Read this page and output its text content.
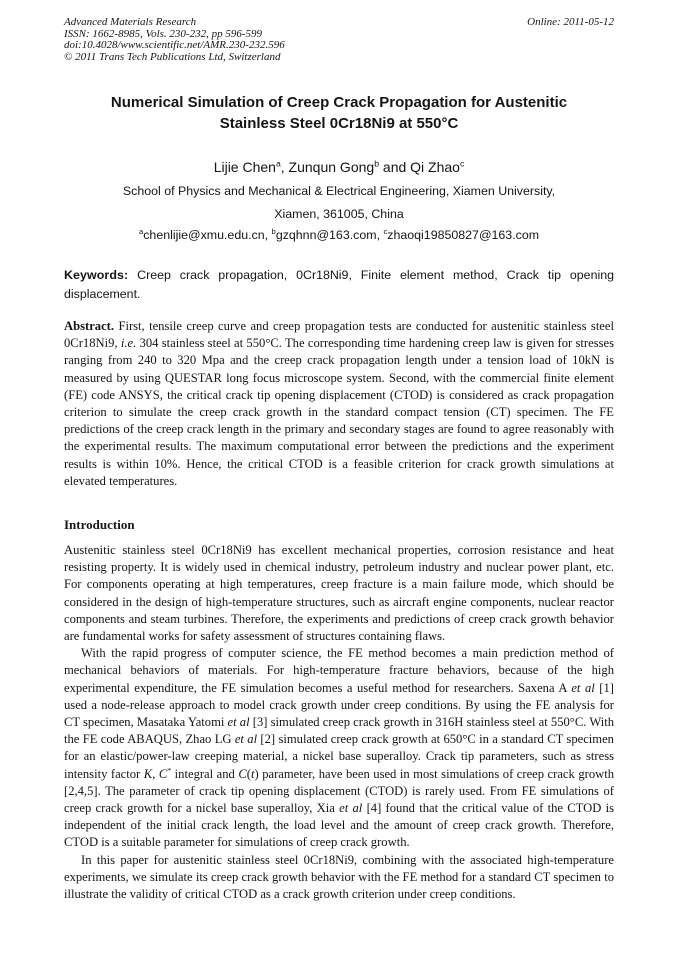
Advanced Materials Research	Online: 2011-05-12
ISSN: 1662-8985, Vols. 230-232, pp 596-599
doi:10.4028/www.scientific.net/AMR.230-232.596
© 2011 Trans Tech Publications Ltd, Switzerland
Numerical Simulation of Creep Crack Propagation for Austenitic
Stainless Steel 0Cr18Ni9 at 550°C
Lijie Chen$^a$, Zunqun Gong$^b$ and Qi Zhao$^c$
School of Physics and Mechanical & Electrical Engineering, Xiamen University,
Xiamen, 361005, China
$^a$chenlijie@xmu.edu.cn, $^b$gzqhnn@163.com, $^c$zhaoqi19850827@163.com

Keywords: Creep crack propagation, 0Cr18Ni9, Finite element method, Crack tip opening displacement.

Abstract. First, tensile creep curve and creep propagation tests are conducted for austenitic stainless steel 0Cr18Ni9, i.e. 304 stainless steel at 550°C. The corresponding time hardening creep law is given for stresses ranging from 240 to 320 Mpa and the creep crack propagation length under a tension load of 10kN is measured by using QUESTAR long focus microscope system. Second, with the commercial finite element (FE) code ANSYS, the critical crack tip opening displacement (CTOD) is considered as crack propagation criterion to simulate the creep crack growth in the standard compact tension (CT) specimen. The FE predictions of the creep crack length in the primary and secondary stages are found to agree reasonably with the experimental results. The maximum computational error between the predictions and the experiment results is within 10%. Hence, the critical CTOD is a feasible criterion for crack growth simulations at elevated temperatures.

Introduction

Austenitic stainless steel 0Cr18Ni9 has excellent mechanical properties, corrosion resistance and heat resisting property. It is widely used in chemical industry, petroleum industry and nuclear power plant, etc. For components operating at high temperatures, creep fracture is a main failure mode, which should be considered in the design of high-temperature structures, such as aircraft engine components, nuclear reactor components and steam turbines. Therefore, the experiments and predictions of creep crack growth behavior are fundamental works for safety assessment of structures containing flaws.

With the rapid progress of computer science, the FE method becomes a main prediction method of mechanical behaviors of materials. For high-temperature fracture behaviors, because of the high experimental expenditure, the FE simulation becomes a useful method for researchers. Saxena A et al [1] used a node-release approach to model crack growth under creep conditions. By using the FE analysis for CT specimen, Masataka Yatomi et al [3] simulated creep crack growth in 316H stainless steel at 550°C. With the FE code ABAQUS, Zhao LG et al [2] simulated creep crack growth at 650°C in a standard CT specimen for an elastic/power-law creeping material, a nickel base superalloy. Crack tip parameters, such as stress intensity factor K, C* integral and C(t) parameter, have been used in most simulations of creep crack growth [2,4,5]. The parameter of crack tip opening displacement (CTOD) is rarely used. From FE simulations of creep crack growth for a nickel base superalloy, Xia et al [4] found that the critical value of the CTOD is independent of the initial crack length, the load level and the amount of creep crack growth. Therefore, CTOD is a suitable parameter for simulations of creep crack growth.

In this paper for austenitic stainless steel 0Cr18Ni9, combining with the associated high-temperature experiments, we simulate its creep crack growth behavior with the FE method for a standard CT specimen to illustrate the validity of critical CTOD as a crack growth criterion under creep conditions.
